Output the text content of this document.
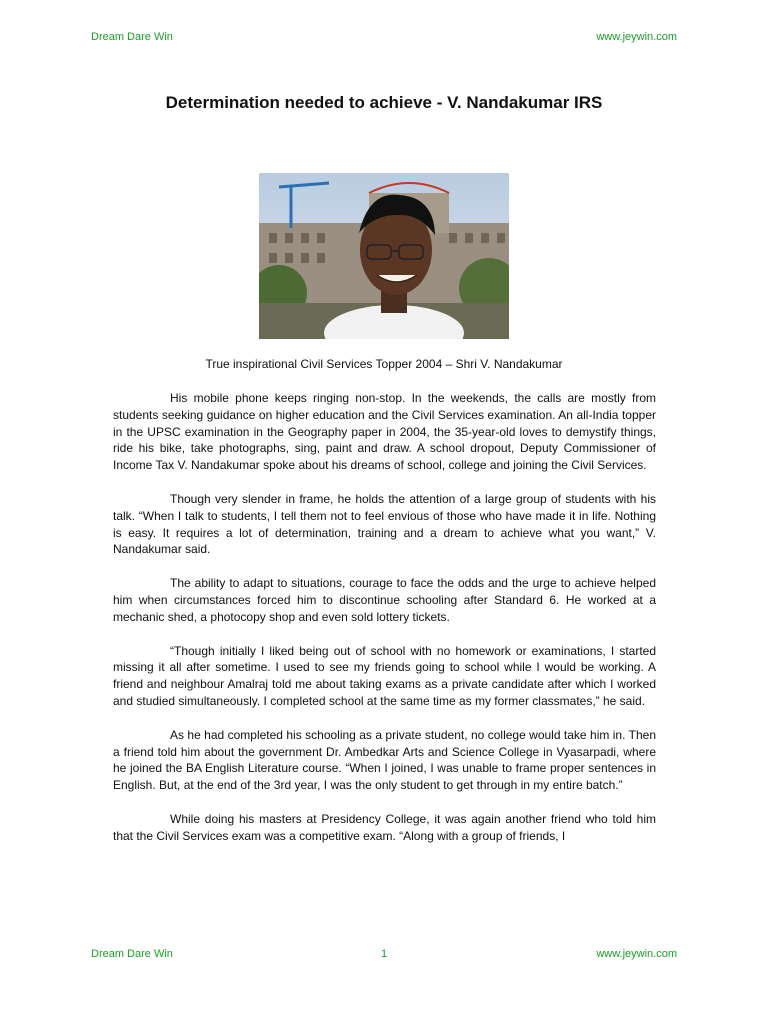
Dream Dare Win	www.jeywin.com
Determination needed to achieve - V. Nandakumar IRS
True inspirational Civil Services Topper 2004 – Shri V. Nandakumar

His mobile phone keeps ringing non-stop. In the weekends, the calls are mostly from students seeking guidance on higher education and the Civil Services examination. An all-India topper in the UPSC examination in the Geography paper in 2004, the 35-year-old loves to demystify things, ride his bike, take photographs, sing, paint and draw. A school dropout, Deputy Commissioner of Income Tax V. Nandakumar spoke about his dreams of school, college and joining the Civil Services.

Though very slender in frame, he holds the attention of a large group of students with his talk. “When I talk to students, I tell them not to feel envious of those who have made it in life. Nothing is easy. It requires a lot of determination, training and a dream to achieve what you want,” V. Nandakumar said.

The ability to adapt to situations, courage to face the odds and the urge to achieve helped him when circumstances forced him to discontinue schooling after Standard 6. He worked at a mechanic shed, a photocopy shop and even sold lottery tickets.

“Though initially I liked being out of school with no homework or examinations, I started missing it all after sometime. I used to see my friends going to school while I would be working. A friend and neighbour Amalraj told me about taking exams as a private candidate after which I worked and studied simultaneously. I completed school at the same time as my former classmates,” he said.

As he had completed his schooling as a private student, no college would take him in. Then a friend told him about the government Dr. Ambedkar Arts and Science College in Vyasarpadi, where he joined the BA English Literature course. “When I joined, I was unable to frame proper sentences in English. But, at the end of the 3rd year, I was the only student to get through in my entire batch.”

While doing his masters at Presidency College, it was again another friend who told him that the Civil Services exam was a competitive exam. “Along with a group of friends, I

Dream Dare Win	1	www.jeywin.com
